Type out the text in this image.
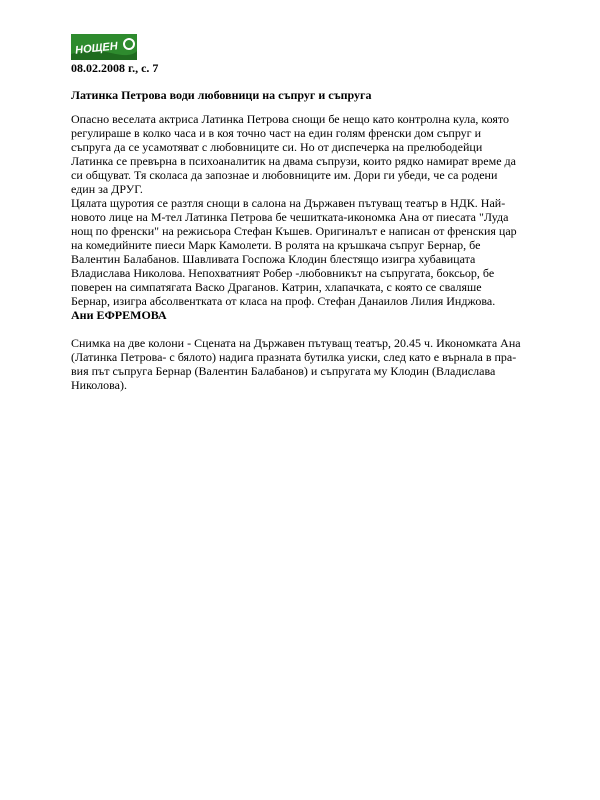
НОЩЕН
08.02.2008 г., с. 7
Латинка Петрова води любовници на съпруг и съпруга
Опасно веселата актриса Латинка Петрова снощи бе нещо като контролна кула, която
регулираше в колко часа и в коя точно част на един голям френски дом съпруг и
съпруга да се усамотяват с любовниците си. Но от диспечерка на прелюбодейци
Латинка се превърна в психоаналитик на двама съпрузи, които рядко намират време да
си общуват. Тя сколаса да запознае и любовниците им. Дори ги убеди, че са родени
един за ДРУГ.
Цялата щуротия се разтля снощи в салона на Държавен пътуващ театър в НДК. Най-
новото лице на М-тел Латинка Петрова бе чешитката-икономка Ана от пиесата "Луда
нощ по френски" на режисьора Стефан Къшев. Оригиналът е написан от френския цар
на комедийните пиеси Марк Камолети. В ролята на кръшкача съпруг Бернар, бе
Валентин Балабанов. Шавливата Госпожа Клодин блестящо изигра хубавицата
Владислава Николова. Непохватният Робер -любовникът на съпругата, боксьор, бе
поверен на симпатягата Васко Драганов. Катрин, хлапачката, с която се сваляше
Бернар, изигра абсолвентката от класа на проф. Стефан Данаилов Лилия Инджова.
Ани ЕФРЕМОВА
Снимка на две колони - Сцената на Държавен пътуващ театър, 20.45 ч. Икономката Ана
(Латинка Петрова- с бялото) надига празната бутилка уиски, след като е върнала в пра-
вия път съпруга Бернар (Валентин Балабанов) и съпругата му Клодин (Владислава
Николова).
